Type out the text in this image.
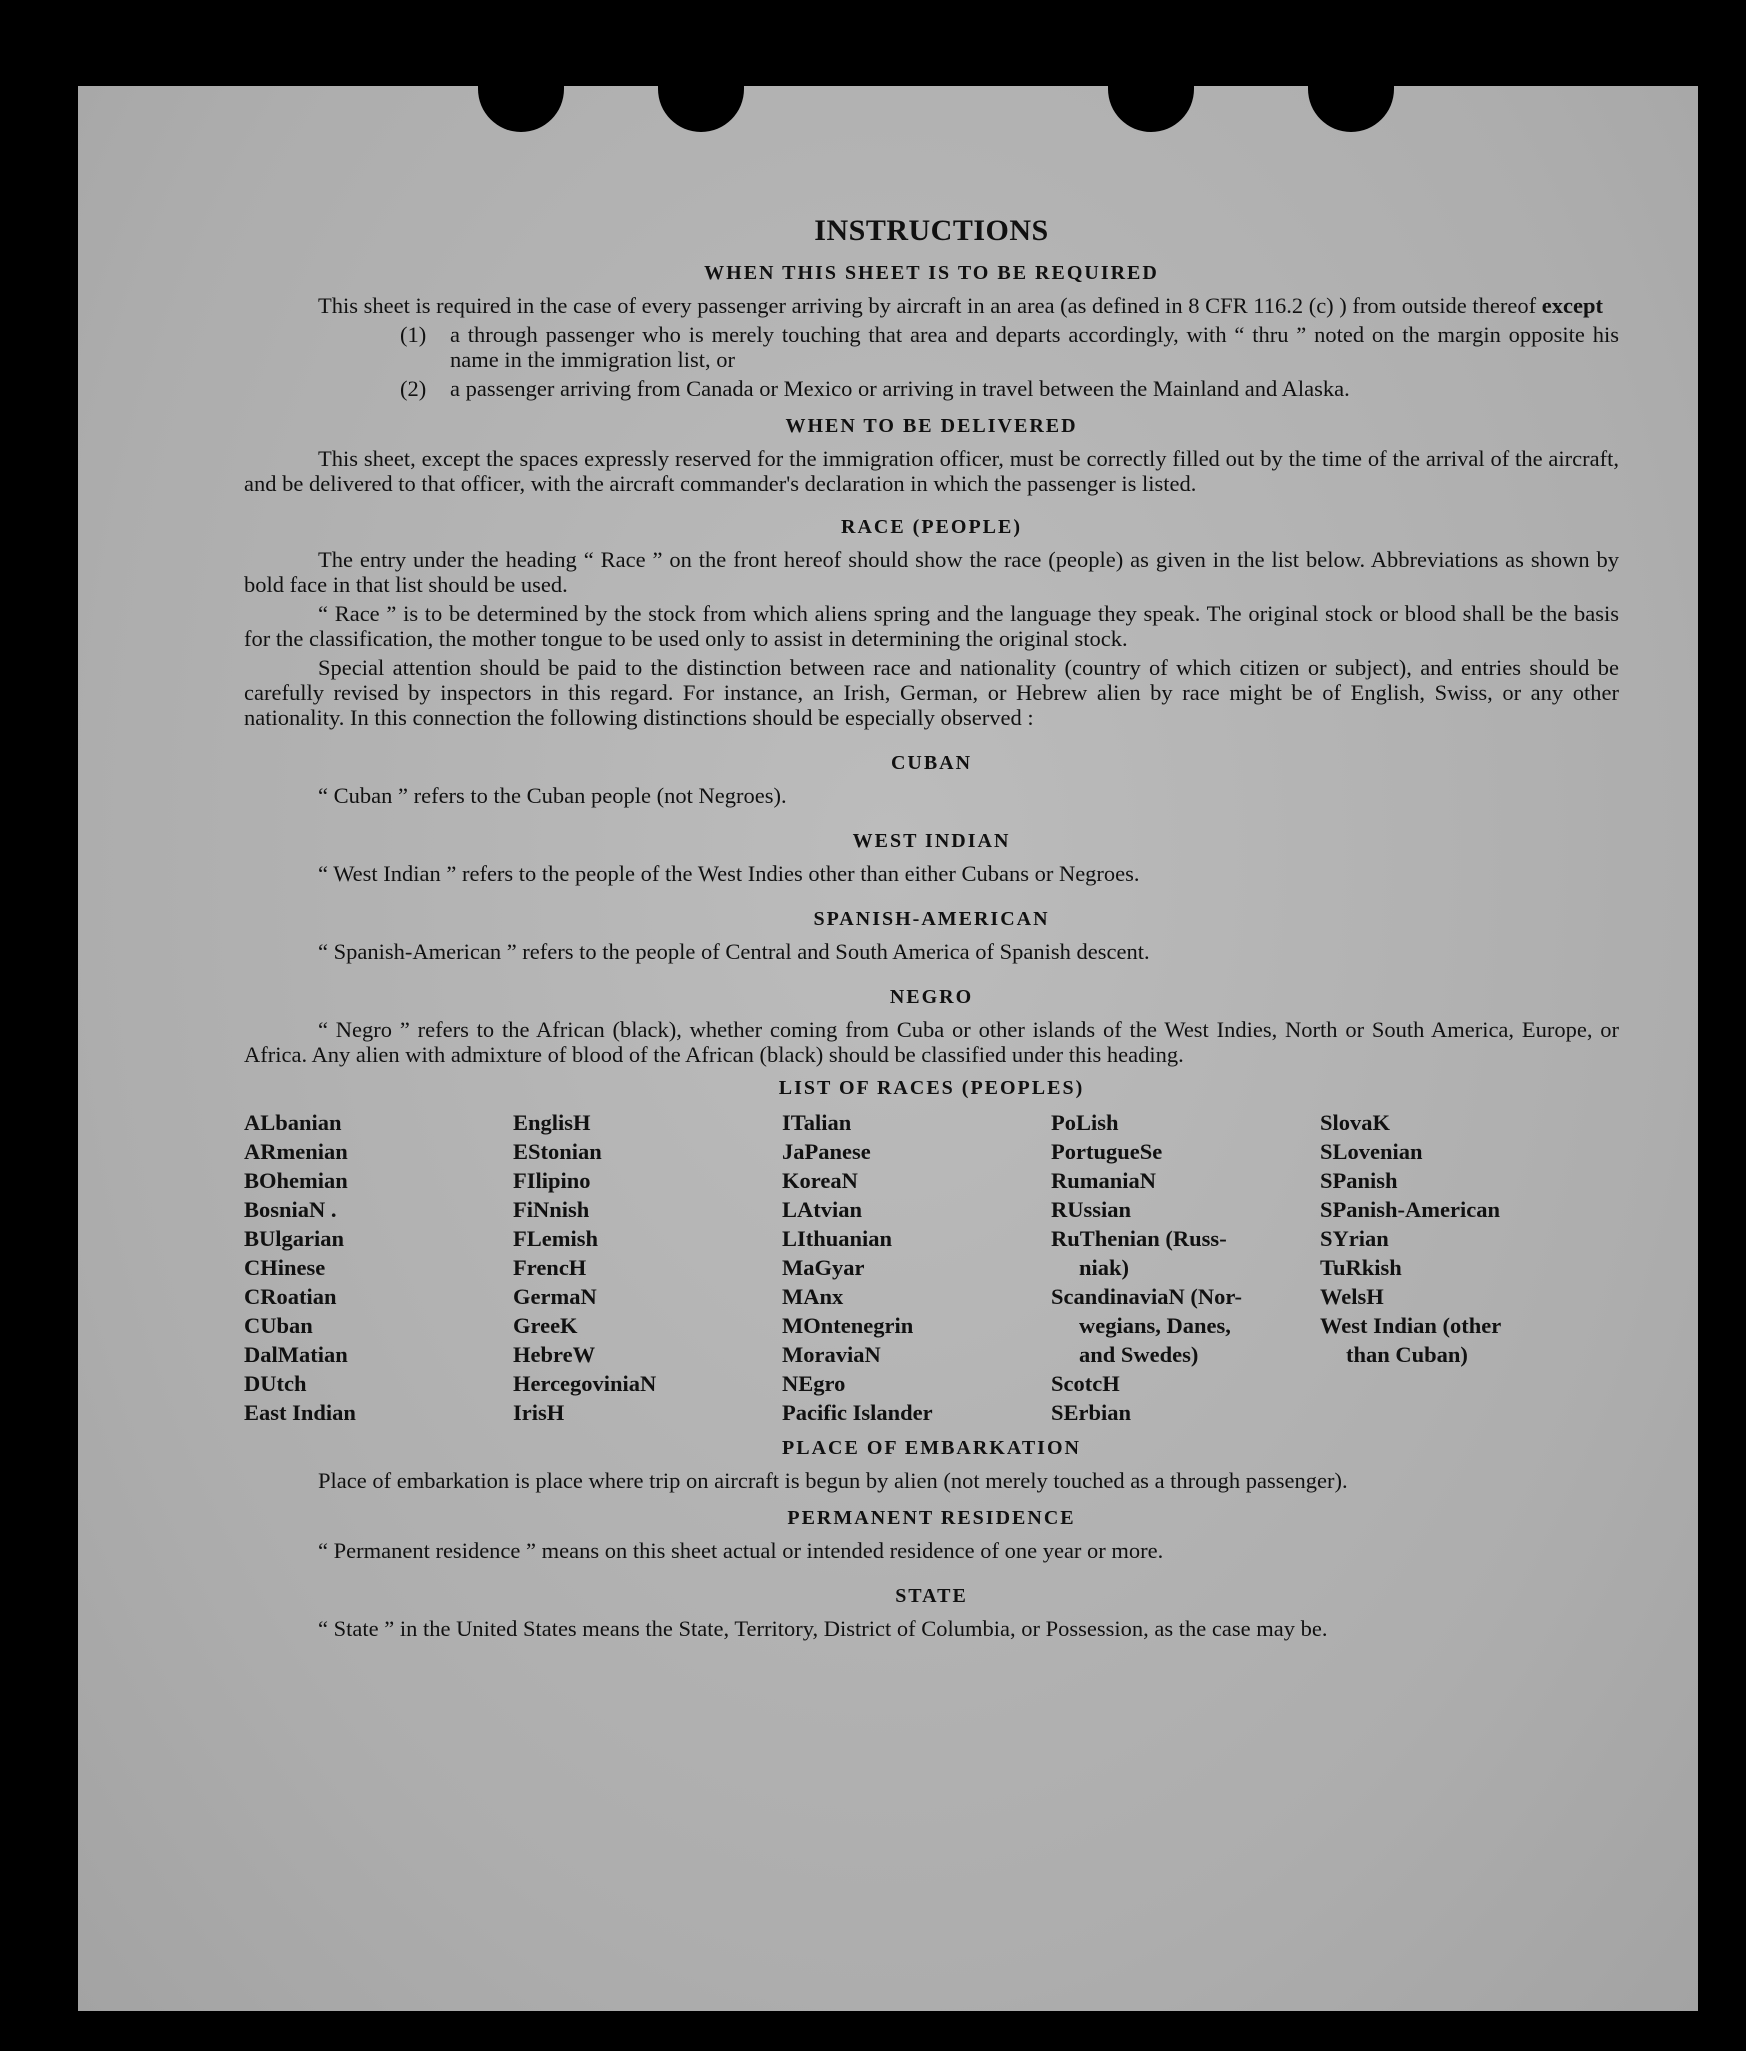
INSTRUCTIONS
WHEN THIS SHEET IS TO BE REQUIRED

This sheet is required in the case of every passenger arriving by aircraft in an area (as defined in 8 CFR 116.2 (c) ) from outside thereof except

(1)	a through passenger who is merely touching that area and departs accordingly, with “ thru ” noted on the margin opposite his name in the immigration list, or
(2)	a passenger arriving from Canada or Mexico or arriving in travel between the Mainland and Alaska.
WHEN TO BE DELIVERED

This sheet, except the spaces expressly reserved for the immigration officer, must be correctly filled out by the time of the arrival of the aircraft, and be delivered to that officer, with the aircraft commander's declaration in which the passenger is listed.

RACE (PEOPLE)

The entry under the heading “ Race ” on the front hereof should show the race (people) as given in the list below. Abbreviations as shown by bold face in that list should be used.

“ Race ” is to be determined by the stock from which aliens spring and the language they speak. The original stock or blood shall be the basis for the classification, the mother tongue to be used only to assist in determining the original stock.

Special attention should be paid to the distinction between race and nationality (country of which citizen or subject), and entries should be carefully revised by inspectors in this regard. For instance, an Irish, German, or Hebrew alien by race might be of English, Swiss, or any other nationality. In this connection the following distinctions should be especially observed :

CUBAN

“ Cuban ” refers to the Cuban people (not Negroes).

WEST INDIAN

“ West Indian ” refers to the people of the West Indies other than either Cubans or Negroes.

SPANISH-AMERICAN

“ Spanish-American ” refers to the people of Central and South America of Spanish descent.

NEGRO

“ Negro ” refers to the African (black), whether coming from Cuba or other islands of the West Indies, North or South America, Europe, or Africa. Any alien with admixture of blood of the African (black) should be classified under this heading.

LIST OF RACES (PEOPLES)
ALbanian
ARmenian
BOhemian
BosniaN .
BUlgarian
CHinese
CRoatian
CUban
DalMatian
DUtch
East Indian
EnglisH
EStonian
FIlipino
FiNnish
FLemish
FrencH
GermaN
GreeK
HebreW
HercegoviniaN
IrisH
ITalian
JaPanese
KoreaN
LAtvian
LIthuanian
MaGyar
MAnx
MOntenegrin
MoraviaN
NEgro
Pacific Islander
PoLish
PortugueSe
RumaniaN
RUssian
RuThenian (Russ-
niak)
ScandinaviaN (Nor-
wegians, Danes,
and Swedes)
ScotcH
SErbian
SlovaK
SLovenian
SPanish
SPanish-American
SYrian
TuRkish
WelsH
West Indian (other
than Cuban)
PLACE OF EMBARKATION

Place of embarkation is place where trip on aircraft is begun by alien (not merely touched as a through passenger).

PERMANENT RESIDENCE

“ Permanent residence ” means on this sheet actual or intended residence of one year or more.

STATE

“ State ” in the United States means the State, Territory, District of Columbia, or Possession, as the case may be.
